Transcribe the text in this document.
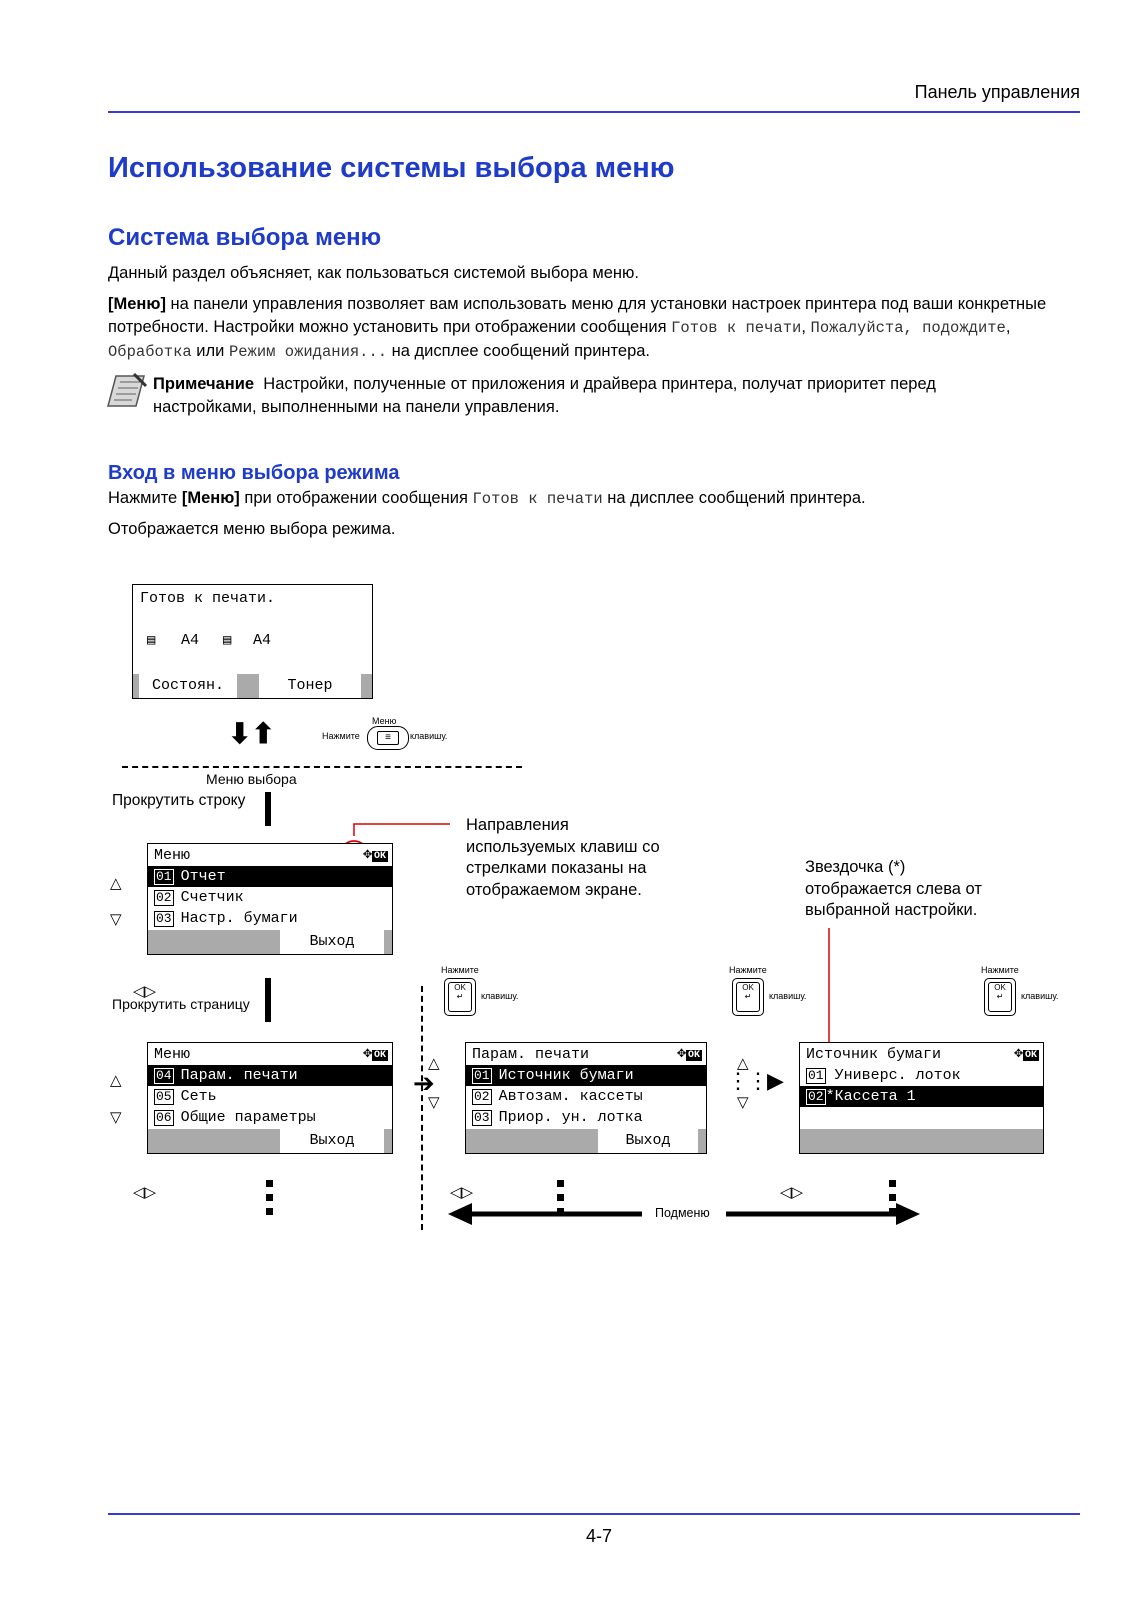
Панель управления
Использование системы выбора меню
Система выбора меню
Данный раздел объясняет, как пользоваться системой выбора меню.
[Меню] на панели управления позволяет вам использовать меню для установки настроек принтера под ваши конкретные потребности. Настройки можно установить при отображении сообщения Готов к печати, Пожалуйста, подождите, Обработка или Режим ожидания... на дисплее сообщений принтера.
Примечание Настройки, полученные от приложения и драйвера принтера, получат приоритет перед настройками, выполненными на панели управления.
Вход в меню выбора режима
Нажмите [Меню] при отображении сообщения Готов к печати на дисплее сообщений принтера.
Отображается меню выбора режима.
Готов к печати.
▤ A4 ▤ A4
Состоян.	Тонер
⬇⬆	Меню
Нажмите	≡	клавишу.
Меню выбора
Прокрутить строку
Направления используемых клавиш со стрелками показаны на отображаемом экране.
Звездочка (*) отображается слева от выбранной настройки.
△
▽
Меню	✥ OK
01 Отчет
02 Счетчик
03 Настр. бумаги
Выход
Нажмите
OK
↵	клавишу.
Нажмите
OK
↵	клавишу.
Нажмите
OK
↵	клавишу.
◁▷
Прокрутить страницу
△
▽
Меню	✥ OK
04 Парам. печати
05 Сеть
06 Общие параметры
Выход
➔
△
▽
Парам. печати	✥ OK
01 Источник бумаги
02 Автозам. кассеты
03 Приор. ун. лотка
Выход
△
▽
⋮⋮▶
Источник бумаги	✥ OK
01 Универс. лоток
02 *Кассета 1
◁▷	◁▷	◁▷
Подменю
4-7
